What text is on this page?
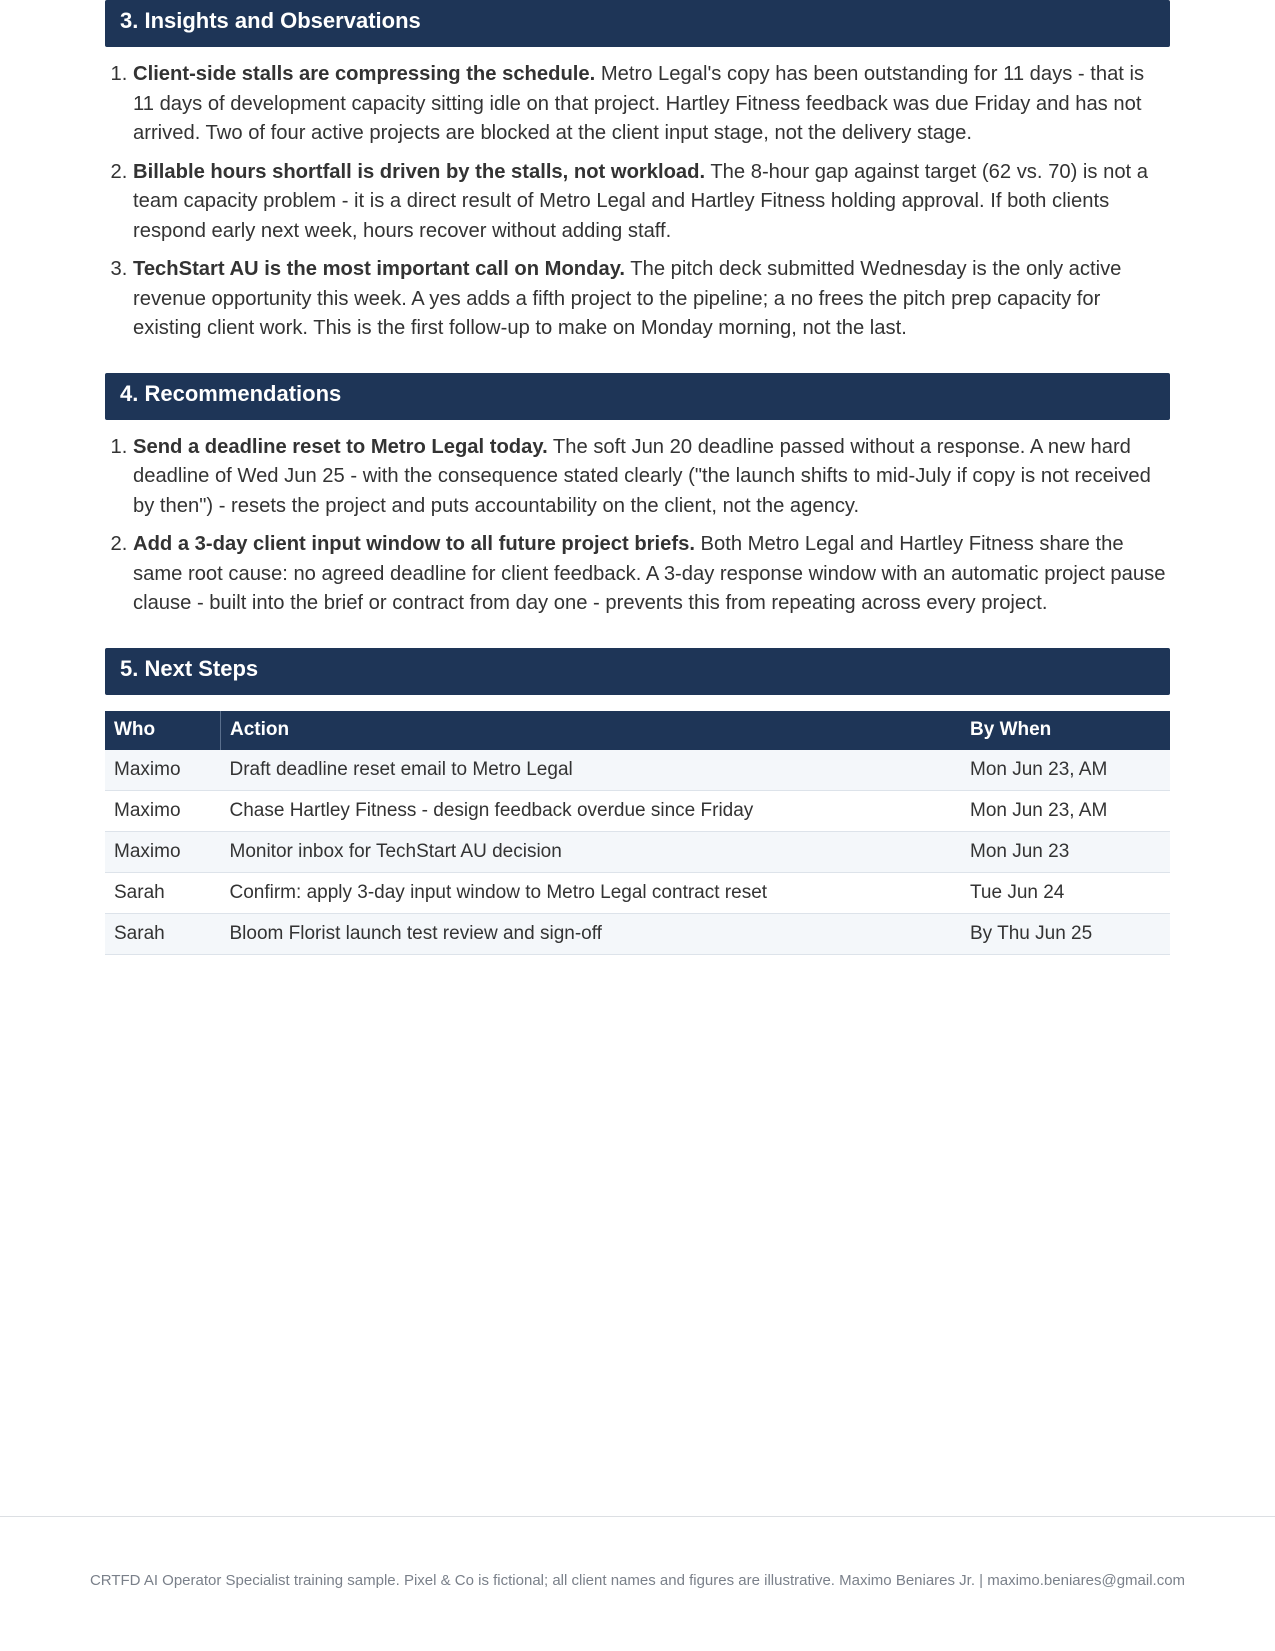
3. Insights and Observations
1. Client-side stalls are compressing the schedule. Metro Legal's copy has been outstanding for 11 days - that is 11 days of development capacity sitting idle on that project. Hartley Fitness feedback was due Friday and has not arrived. Two of four active projects are blocked at the client input stage, not the delivery stage.
2. Billable hours shortfall is driven by the stalls, not workload. The 8-hour gap against target (62 vs. 70) is not a team capacity problem - it is a direct result of Metro Legal and Hartley Fitness holding approval. If both clients respond early next week, hours recover without adding staff.
3. TechStart AU is the most important call on Monday. The pitch deck submitted Wednesday is the only active revenue opportunity this week. A yes adds a fifth project to the pipeline; a no frees the pitch prep capacity for existing client work. This is the first follow-up to make on Monday morning, not the last.
4. Recommendations
1. Send a deadline reset to Metro Legal today. The soft Jun 20 deadline passed without a response. A new hard deadline of Wed Jun 25 - with the consequence stated clearly ("the launch shifts to mid-July if copy is not received by then") - resets the project and puts accountability on the client, not the agency.
2. Add a 3-day client input window to all future project briefs. Both Metro Legal and Hartley Fitness share the same root cause: no agreed deadline for client feedback. A 3-day response window with an automatic project pause clause - built into the brief or contract from day one - prevents this from repeating across every project.
5. Next Steps
Who	Action	By When
Maximo	Draft deadline reset email to Metro Legal	Mon Jun 23, AM
Maximo	Chase Hartley Fitness - design feedback overdue since Friday	Mon Jun 23, AM
Maximo	Monitor inbox for TechStart AU decision	Mon Jun 23
Sarah	Confirm: apply 3-day input window to Metro Legal contract reset	Tue Jun 24
Sarah	Bloom Florist launch test review and sign-off	By Thu Jun 25
CRTFD AI Operator Specialist training sample. Pixel & Co is fictional; all client names and figures are illustrative. Maximo Beniares Jr. | maximo.beniares@gmail.com
